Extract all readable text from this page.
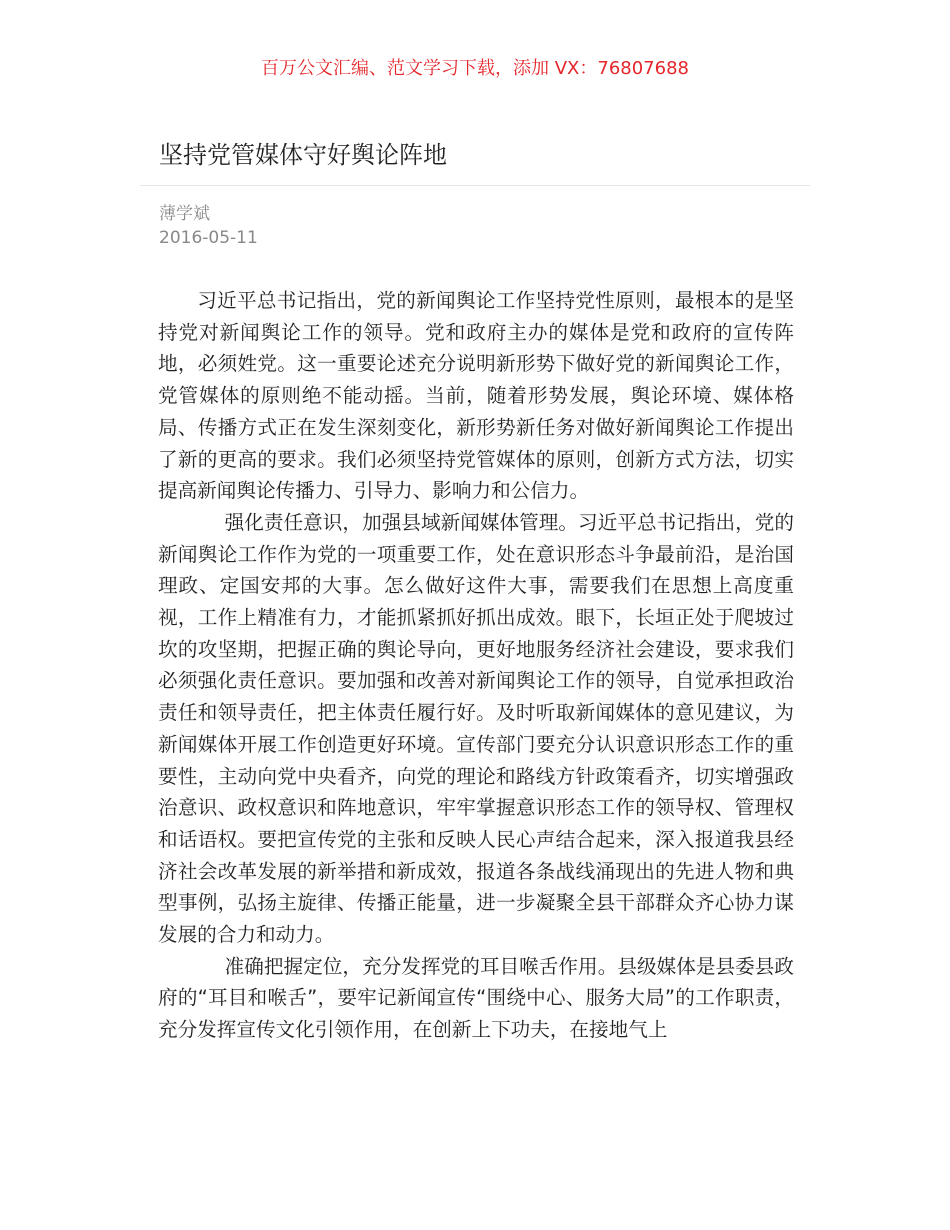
百万公文汇编、范文学习下载，添加 VX：76807688
坚持党管媒体守好舆论阵地
薄学斌
2016-05-11

习近平总书记指出，党的新闻舆论工作坚持党性原则，最根本的是坚持党对新闻舆论工作的领导。党和政府主办的媒体是党和政府的宣传阵地，必须姓党。这一重要论述充分说明新形势下做好党的新闻舆论工作，党管媒体的原则绝不能动摇。当前，随着形势发展，舆论环境、媒体格局、传播方式正在发生深刻变化，新形势新任务对做好新闻舆论工作提出了新的更高的要求。我们必须坚持党管媒体的原则，创新方式方法，切实提高新闻舆论传播力、引导力、影响力和公信力。

强化责任意识，加强县域新闻媒体管理。习近平总书记指出，党的新闻舆论工作作为党的一项重要工作，处在意识形态斗争最前沿，是治国理政、定国安邦的大事。怎么做好这件大事，需要我们在思想上高度重视，工作上精准有力，才能抓紧抓好抓出成效。眼下，长垣正处于爬坡过坎的攻坚期，把握正确的舆论导向，更好地服务经济社会建设，要求我们必须强化责任意识。要加强和改善对新闻舆论工作的领导，自觉承担政治责任和领导责任，把主体责任履行好。及时听取新闻媒体的意见建议，为新闻媒体开展工作创造更好环境。宣传部门要充分认识意识形态工作的重要性，主动向党中央看齐，向党的理论和路线方针政策看齐，切实增强政治意识、政权意识和阵地意识，牢牢掌握意识形态工作的领导权、管理权和话语权。要把宣传党的主张和反映人民心声结合起来，深入报道我县经济社会改革发展的新举措和新成效，报道各条战线涌现出的先进人物和典型事例，弘扬主旋律、传播正能量，进一步凝聚全县干部群众齐心协力谋发展的合力和动力。

准确把握定位，充分发挥党的耳目喉舌作用。县级媒体是县委县政府的“耳目和喉舌”，要牢记新闻宣传“围绕中心、服务大局”的工作职责，充分发挥宣传文化引领作用，在创新上下功夫，在接地气上
